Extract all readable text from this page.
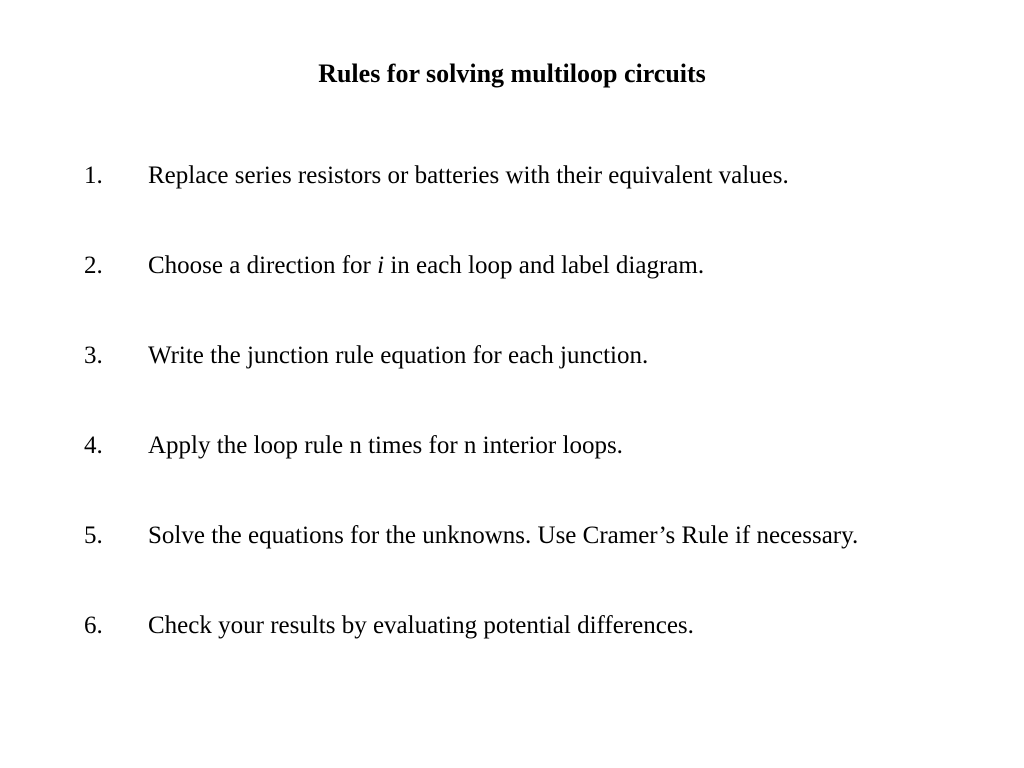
Rules for solving multiloop circuits
1.	Replace series resistors or batteries with their equivalent values.
2.	Choose a direction for i in each loop and label diagram.
3.	Write the junction rule equation for each junction.
4.	Apply the loop rule n times for n interior loops.
5.	Solve the equations for the unknowns. Use Cramer’s Rule if necessary.
6.	Check your results by evaluating potential differences.
